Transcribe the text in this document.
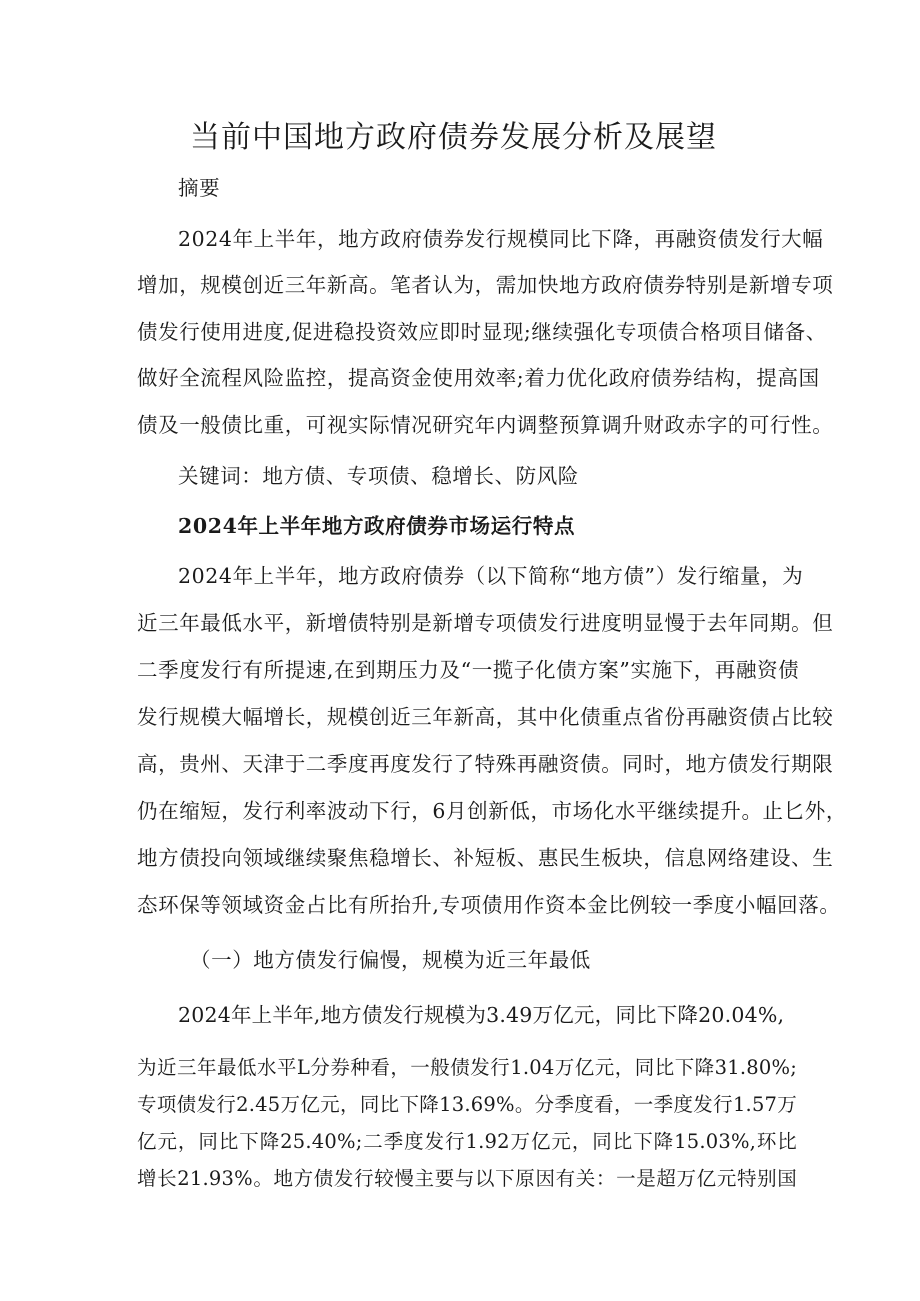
当前中国地方政府债券发展分析及展望
摘要
2024年上半年，地方政府债券发行规模同比下降，再融资债发行大幅
增加，规模创近三年新高。笔者认为，需加快地方政府债券特别是新增专项
债发行使用进度,促进稳投资效应即时显现;继续强化专项债合格项目储备、
做好全流程风险监控，提高资金使用效率;着力优化政府债券结构，提高国
债及一般债比重，可视实际情况研究年内调整预算调升财政赤字的可行性。
关键词：地方债、专项债、稳增长、防风险
2024年上半年地方政府债券市场运行特点
2024年上半年，地方政府债券（以下简称“地方债”）发行缩量，为
近三年最低水平，新增债特别是新增专项债发行进度明显慢于去年同期。但
二季度发行有所提速,在到期压力及“一揽子化债方案”实施下，再融资债
发行规模大幅增长，规模创近三年新高，其中化债重点省份再融资债占比较
高，贵州、天津于二季度再度发行了特殊再融资债。同时，地方债发行期限
仍在缩短，发行利率波动下行，6月创新低，市场化水平继续提升。止匕外，
地方债投向领域继续聚焦稳增长、补短板、惠民生板块，信息网络建设、生
态环保等领域资金占比有所抬升,专项债用作资本金比例较一季度小幅回落。
（一）地方债发行偏慢，规模为近三年最低
2024年上半年,地方债发行规模为3.49万亿元，同比下降20.04%,
为近三年最低水平L分券种看，一般债发行1.04万亿元，同比下降31.80%;
专项债发行2.45万亿元，同比下降13.69%。分季度看，一季度发行1.57万
亿元，同比下降25.40%;二季度发行1.92万亿元，同比下降15.03%,环比
增长21.93%。地方债发行较慢主要与以下原因有关：一是超万亿元特别国
